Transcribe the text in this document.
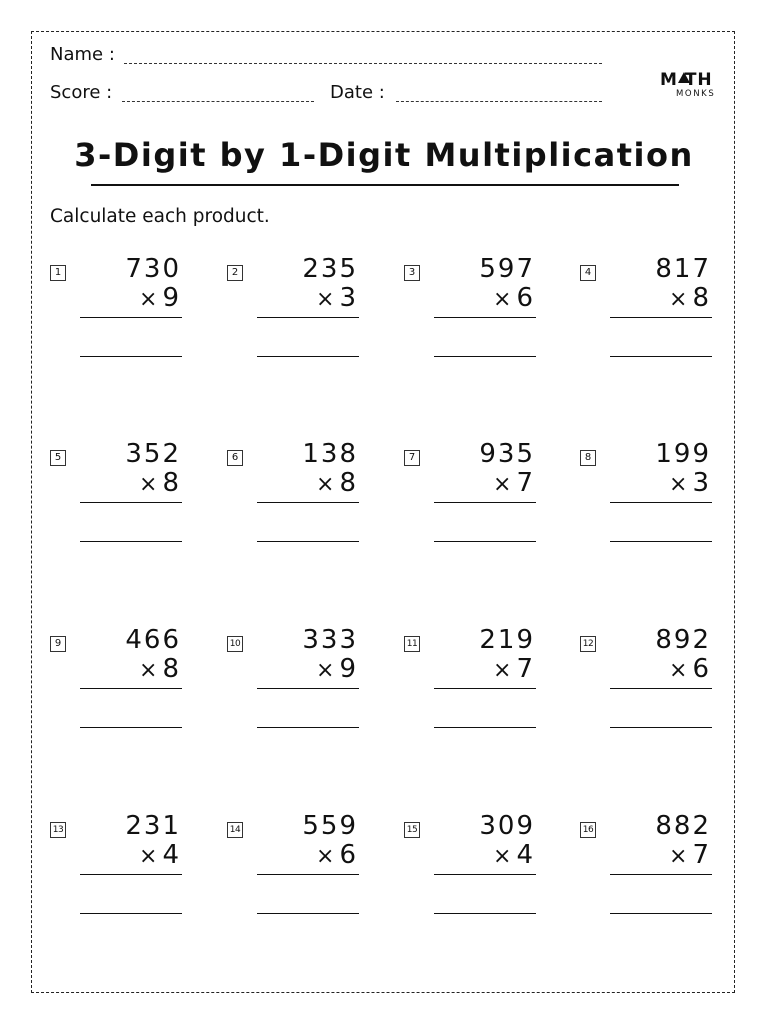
Name :
Score :	Date :
M TH
MONKS
3-Digit by 1-Digit Multiplication
Calculate each product.
1 730
× 9
2 235
× 3
3 597
× 6
4 817
× 8
5 352
× 8
6 138
× 8
7 935
× 7
8 199
× 3
9 466
× 8
10 333
× 9
11 219
× 7
12 892
× 6
13 231
× 4
14 559
× 6
15 309
× 4
16 882
× 7
